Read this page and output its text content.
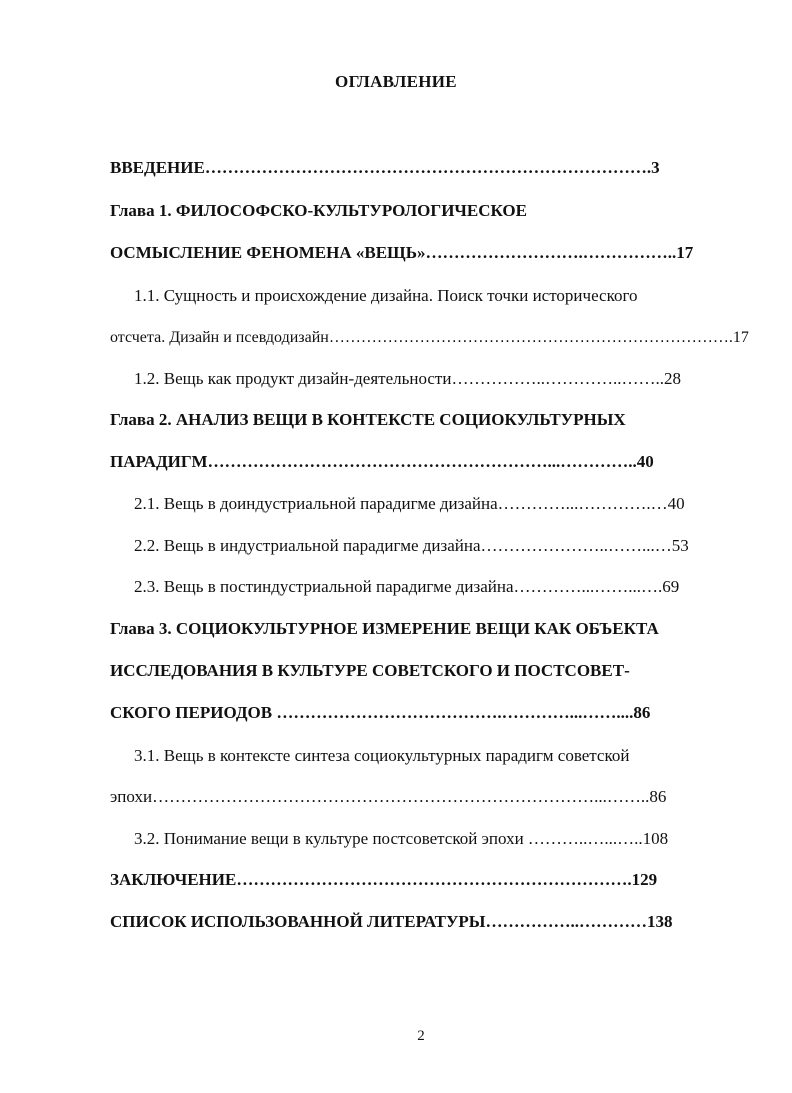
ОГЛАВЛЕНИЕ
ВВЕДЕНИЕ…………………………………………………………………….3
Глава 1. ФИЛОСОФСКО-КУЛЬТУРОЛОГИЧЕСКОЕ
ОСМЫСЛЕНИЕ ФЕНОМЕНА «ВЕЩЬ»……………………….……………..17
1.1. Сущность и происхождение дизайна. Поиск точки исторического
отсчета. Дизайн и псевдодизайн………………………………………………………………….17
1.2. Вещь как продукт дизайн-деятельности……………..…………..……..28
Глава 2. АНАЛИЗ ВЕЩИ В КОНТЕКСТЕ СОЦИОКУЛЬТУРНЫХ
ПАРАДИГМ……………………………………………………...…………..40
2.1. Вещь в доиндустриальной парадигме дизайна…………...………….…40
2.2. Вещь в индустриальной парадигме дизайна…………………..……...…53
2.3. Вещь в постиндустриальной парадигме дизайна…………...……...….69
Глава 3. СОЦИОКУЛЬТУРНОЕ ИЗМЕРЕНИЕ ВЕЩИ КАК ОБЪЕКТА
ИССЛЕДОВАНИЯ В КУЛЬТУРЕ СОВЕТСКОГО И ПОСТСОВЕТ-
СКОГО ПЕРИОДОВ ………………………………….…………...……....86
3.1. Вещь в контексте синтеза социокультурных парадигм советской
эпохи……………………………………………………………………...……..86
3.2. Понимание вещи в культуре постсоветской эпохи ………..…...…..108
ЗАКЛЮЧЕНИЕ…………………………………………………………….129
СПИСОК ИСПОЛЬЗОВАННОЙ ЛИТЕРАТУРЫ……………..…………138
2
